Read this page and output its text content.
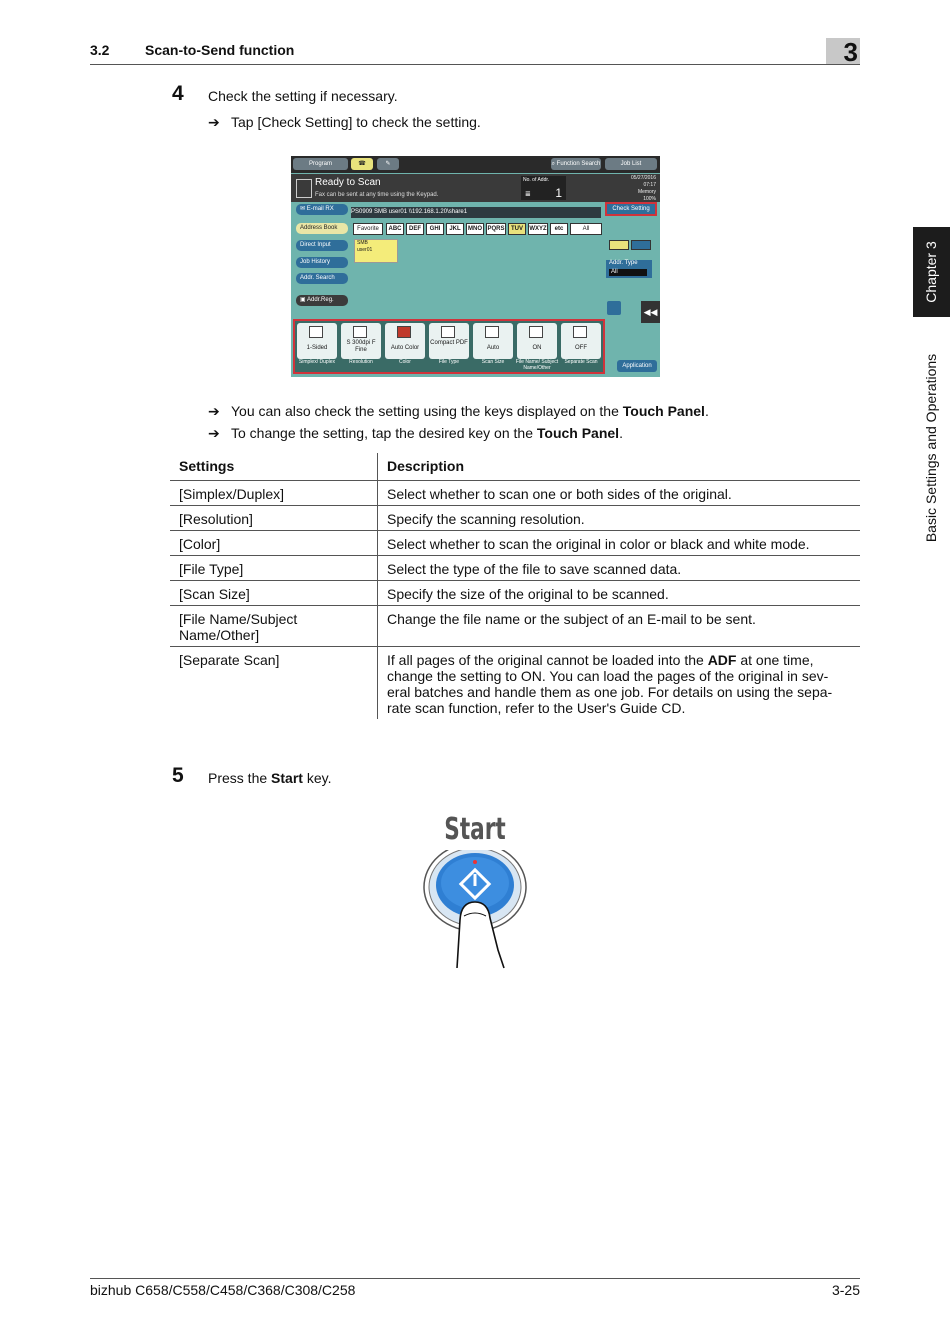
3.2	Scan-to-Send function	3
Chapter 3
Basic Settings and Operations
4 Check the setting if necessary.
➔ Tap [Check Setting] to check the setting.
Program	☎	✎	⌕ Function Search	Job List
Ready to Scan
Fax can be sent at any time using the Keypad.
No. of Addr.
≣ 1
05/27/2016
07:17
Memory
100%
✉ E-mail RX	PS0909 SMB user01 \\192.168.1.20\share1	Check Setting
Address Book
Direct Input
Job History
Addr. Search
▣ Addr.Reg.
Favorite	ABC	DEF	GHI	JKL	MNO PQRS	TUV	WXYZ	etc	All
SMB
user01
Addr. Type
All
◀◀
1-Sided
Simplex/ Duplex
S 300dpi F Fine
Resolution
Auto Color
Color
Compact PDF
File Type
Auto
Scan Size
ON
File Name/ Subject Name/Other
OFF
Separate Scan
Application
➔ You can also check the setting using the keys displayed on the Touch Panel.
➔ To change the setting, tap the desired key on the Touch Panel.
Settings	Description
[Simplex/Duplex]	Select whether to scan one or both sides of the original.
[Resolution]	Specify the scanning resolution.
[Color]	Select whether to scan the original in color or black and white mode.
[File Type]	Select the type of the file to save scanned data.
[Scan Size]	Specify the size of the original to be scanned.
[File Name/Subject Name/Other]	Change the file name or the subject of an E-mail to be sent.
[Separate Scan]	If all pages of the original cannot be loaded into the ADF at one time, change the setting to ON. You can load the pages of the original in sev- eral batches and handle them as one job. For details on using the sepa- rate scan function, refer to the User's Guide CD.
5 Press the Start key.
Start
bizhub C658/C558/C458/C368/C308/C258	3-25
